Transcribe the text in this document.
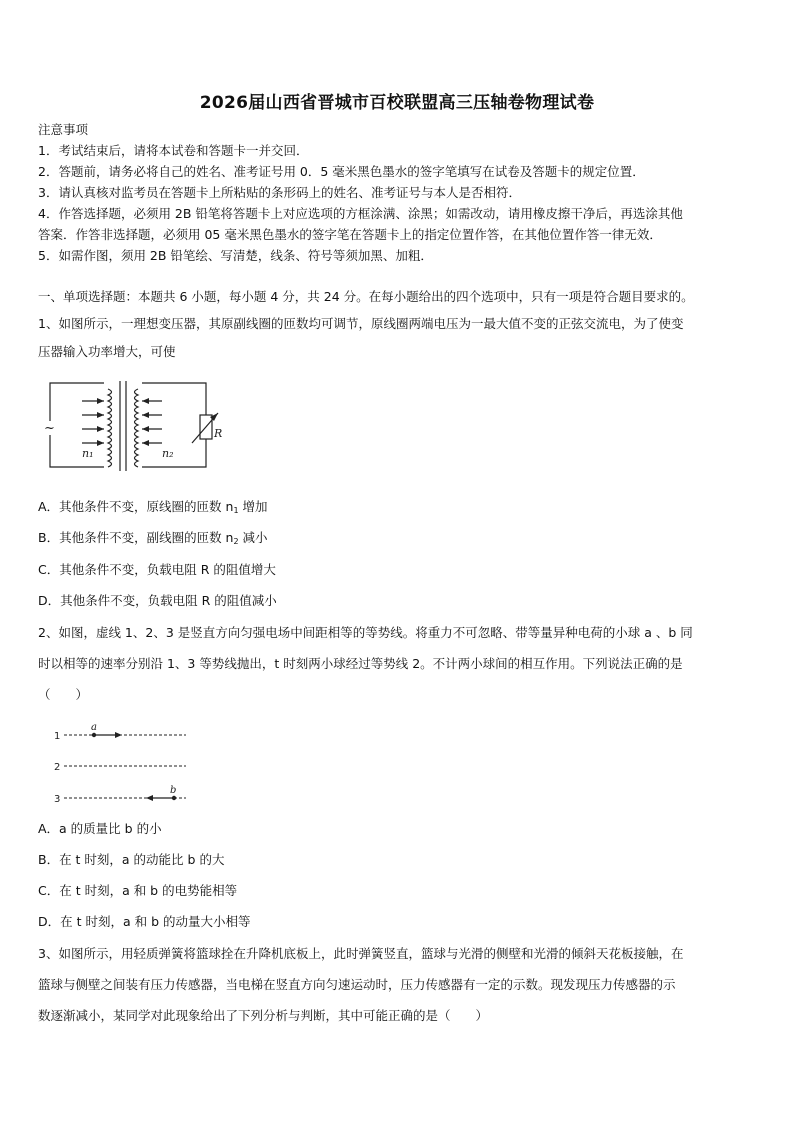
2026届山西省晋城市百校联盟高三压轴卷物理试卷
注意事项
1．考试结束后，请将本试卷和答题卡一并交回．
2．答题前，请务必将自己的姓名、准考证号用 0．5 毫米黑色墨水的签字笔填写在试卷及答题卡的规定位置．
3．请认真核对监考员在答题卡上所粘贴的条形码上的姓名、准考证号与本人是否相符．
4．作答选择题，必须用 2B 铅笔将答题卡上对应选项的方框涂满、涂黑；如需改动，请用橡皮擦干净后，再选涂其他
答案．作答非选择题，必须用 05 毫米黑色墨水的签字笔在答题卡上的指定位置作答，在其他位置作答一律无效．
5．如需作图，须用 2B 铅笔绘、写清楚，线条、符号等须加黑、加粗．
一、单项选择题：本题共 6 小题，每小题 4 分，共 24 分。在每小题给出的四个选项中，只有一项是符合题目要求的。
1、如图所示，一理想变压器，其原副线圈的匝数均可调节，原线圈两端电压为一最大值不变的正弦交流电，为了使变
压器输入功率增大，可使
~
n₁	n₂
R
A．其他条件不变，原线圈的匝数 $n_1$ 增加
B．其他条件不变，副线圈的匝数 $n_2$ 减小
C．其他条件不变，负载电阻 R 的阻值增大
D．其他条件不变，负载电阻 R 的阻值减小
2、如图，虚线 1、2、3 是竖直方向匀强电场中间距相等的等势线。将重力不可忽略、带等量异种电荷的小球 a 、b 同
时以相等的速率分别沿 1、3 等势线抛出，t 时刻两小球经过等势线 2。不计两小球间的相互作用。下列说法正确的是
（　　）
1
2
3
a
b
A．a 的质量比 b 的小
B．在 t 时刻，a 的动能比 b 的大
C．在 t 时刻，a 和 b 的电势能相等
D．在 t 时刻，a 和 b 的动量大小相等
3、如图所示，用轻质弹簧将篮球拴在升降机底板上，此时弹簧竖直，篮球与光滑的侧壁和光滑的倾斜天花板接触，在
篮球与侧壁之间装有压力传感器，当电梯在竖直方向匀速运动时，压力传感器有一定的示数。现发现压力传感器的示
数逐渐减小，某同学对此现象给出了下列分析与判断，其中可能正确的是（　　）
